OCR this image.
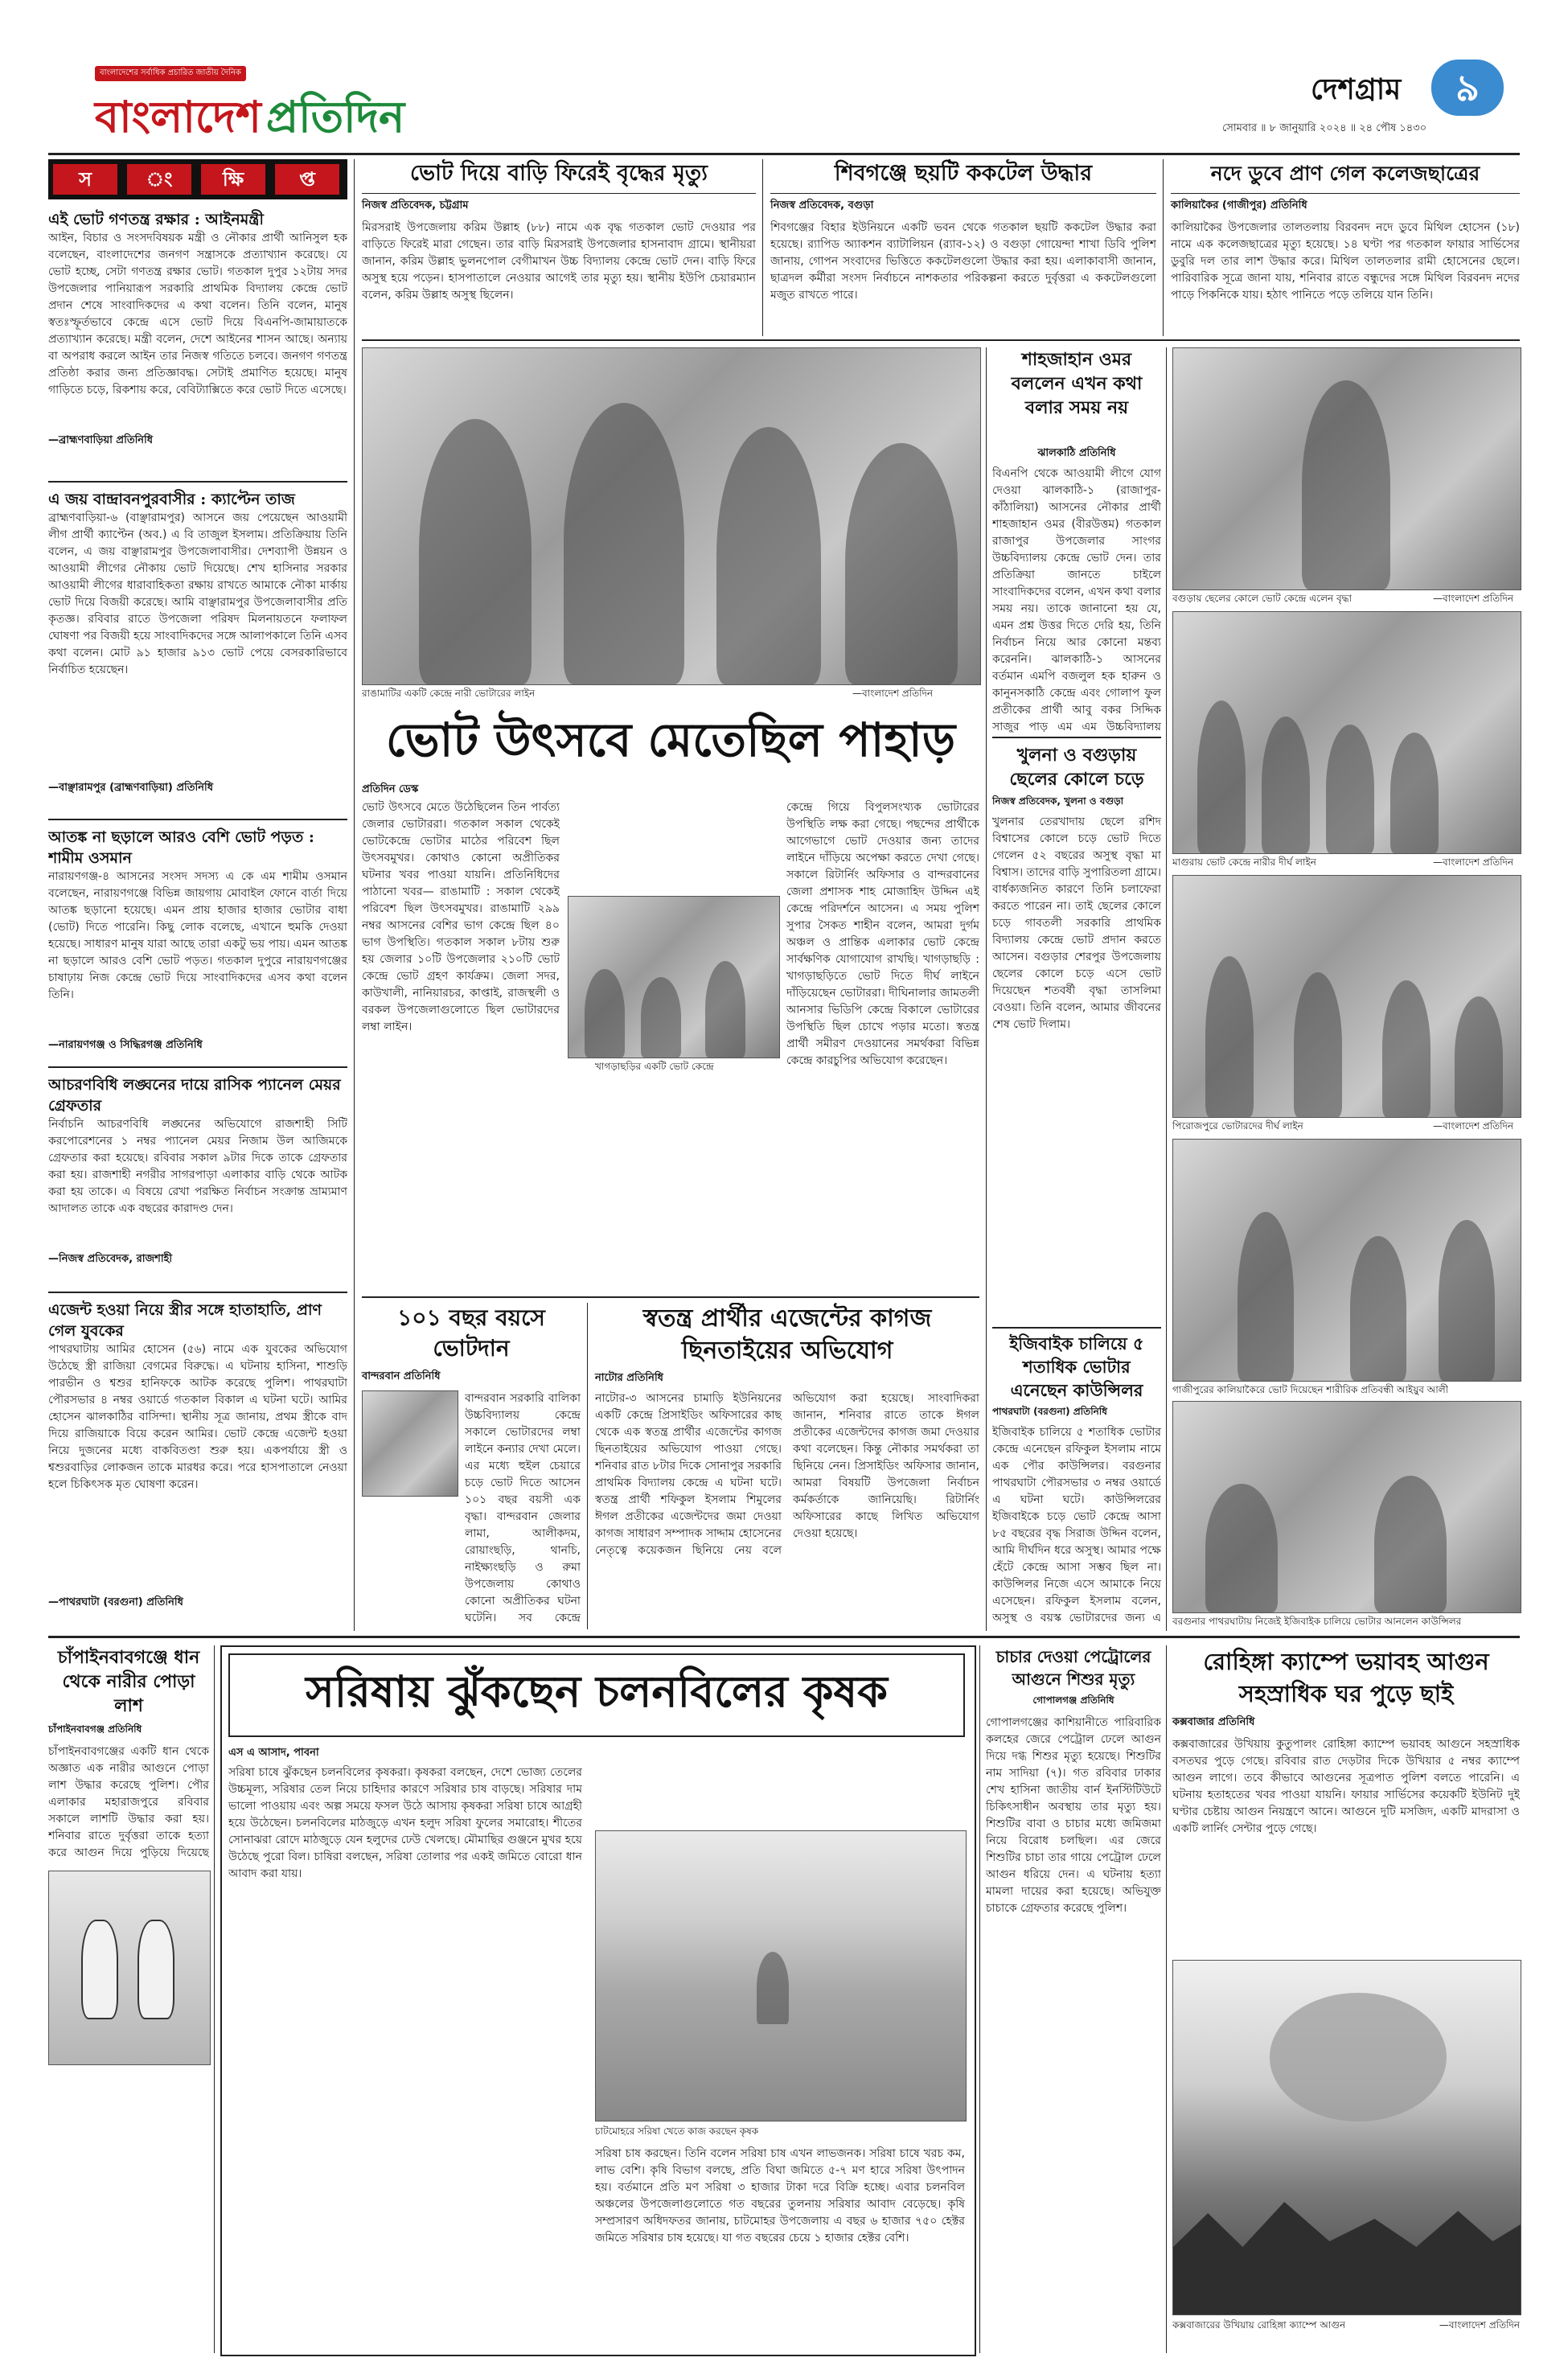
বাংলাদেশের সর্বাধিক প্রচারিত জাতীয় দৈনিক
বাংলাদেশ প্রতিদিন
দেশগ্রাম	৯
সোমবার ॥ ৮ জানুয়ারি ২০২৪ ॥ ২৪ পৌষ ১৪৩০
স	ং	ক্ষি	প্ত
এই ভোট গণতন্ত্র রক্ষার : আইনমন্ত্রী
আইন, বিচার ও সংসদবিষয়ক মন্ত্রী ও নৌকার প্রার্থী আনিসুল হক বলেছেন, বাংলাদেশের জনগণ সন্ত্রাসকে প্রত্যাখ্যান করেছে। যে ভোট হচ্ছে, সেটা গণতন্ত্র রক্ষার ভোট। গতকাল দুপুর ১২টায় সদর উপজেলার পানিয়ারূপ সরকারি প্রাথমিক বিদ্যালয় কেন্দ্রে ভোট প্রদান শেষে সাংবাদিকদের এ কথা বলেন। তিনি বলেন, মানুষ স্বতঃস্ফূর্তভাবে কেন্দ্রে এসে ভোট দিয়ে বিএনপি-জামায়াতকে প্রত্যাখ্যান করেছে। মন্ত্রী বলেন, দেশে আইনের শাসন আছে। অন্যায় বা অপরাধ করলে আইন তার নিজস্ব গতিতে চলবে। জনগণ গণতন্ত্র প্রতিষ্ঠা করার জন্য প্রতিজ্ঞাবদ্ধ। সেটাই প্রমাণিত হয়েছে। মানুষ গাড়িতে চড়ে, রিকশায় করে, বেবিট্যাক্সিতে করে ভোট দিতে এসেছে।
—ব্রাহ্মণবাড়িয়া প্রতিনিধি
এ জয় বান্দ্রাবনপুরবাসীর : ক্যাপ্টেন তাজ
ব্রাহ্মণবাড়িয়া-৬ (বাঞ্ছারামপুর) আসনে জয় পেয়েছেন আওয়ামী লীগ প্রার্থী ক্যাপ্টেন (অব.) এ বি তাজুল ইসলাম। প্রতিক্রিয়ায় তিনি বলেন, এ জয় বাঞ্ছারামপুর উপজেলাবাসীর। দেশব্যাপী উন্নয়ন ও আওয়ামী লীগের নৌকায় ভোট দিয়েছে। শেখ হাসিনার সরকার আওয়ামী লীগের ধারাবাহিকতা রক্ষায় রাখতে আমাকে নৌকা মার্কায় ভোট দিয়ে বিজয়ী করেছে। আমি বাঞ্ছারামপুর উপজেলাবাসীর প্রতি কৃতজ্ঞ। রবিবার রাতে উপজেলা পরিষদ মিলনায়তনে ফলাফল ঘোষণা পর বিজয়ী হয়ে সাংবাদিকদের সঙ্গে আলাপকালে তিনি এসব কথা বলেন। মোট ৯১ হাজার ৯১৩ ভোট পেয়ে বেসরকারিভাবে নির্বাচিত হয়েছেন।
—বাঞ্ছারামপুর (ব্রাহ্মণবাড়িয়া) প্রতিনিধি
আতঙ্ক না ছড়ালে আরও বেশি ভোট পড়ত : শামীম ওসমান
নারায়ণগঞ্জ-৪ আসনের সংসদ সদস্য এ কে এম শামীম ওসমান বলেছেন, নারায়ণগঞ্জে বিভিন্ন জায়গায় মোবাইল ফোনে বার্তা দিয়ে আতঙ্ক ছড়ানো হয়েছে। এমন প্রায় হাজার হাজার ভোটার বাধা (ভোট) দিতে পারেনি। কিছু লোক বলেছে, এখানে হুমকি দেওয়া হয়েছে। সাধারণ মানুষ যারা আছে তারা একটু ভয় পায়। এমন আতঙ্ক না ছড়ালে আরও বেশি ভোট পড়ত। গতকাল দুপুরে নারায়ণগঞ্জের চাষাঢ়ায় নিজ কেন্দ্রে ভোট দিয়ে সাংবাদিকদের এসব কথা বলেন তিনি।
—নারায়ণগঞ্জ ও সিদ্ধিরগঞ্জ প্রতিনিধি
আচরণবিধি লঙ্ঘনের দায়ে রাসিক প্যানেল মেয়র গ্রেফতার
নির্বাচনি আচরণবিধি লঙ্ঘনের অভিযোগে রাজশাহী সিটি করপোরেশনের ১ নম্বর প্যানেল মেয়র নিজাম উল আজিমকে গ্রেফতার করা হয়েছে। রবিবার সকাল ৯টার দিকে তাকে গ্রেফতার করা হয়। রাজশাহী নগরীর সাগরপাড়া এলাকার বাড়ি থেকে আটক করা হয় তাকে। এ বিষয়ে রেখা পরক্ষিত নির্বাচন সংক্রান্ত ভ্রাম্যমাণ আদালত তাকে এক বছরের কারাদণ্ড দেন।
—নিজস্ব প্রতিবেদক, রাজশাহী
এজেন্ট হওয়া নিয়ে স্ত্রীর সঙ্গে হাতাহাতি, প্রাণ গেল যুবকের
পাথরঘাটায় আমির হোসেন (৫৬) নামে এক যুবকের অভিযোগ উঠেছে স্ত্রী রাজিয়া বেগমের বিরুদ্ধে। এ ঘটনায় হাসিনা, শাশুড়ি পারভীন ও শ্বশুর হানিফকে আটক করেছে পুলিশ। পাথরঘাটা পৌরসভার ৪ নম্বর ওয়ার্ডে গতকাল বিকাল এ ঘটনা ঘটে। আমির হোসেন ঝালকাঠির বাসিন্দা। স্থানীয় সূত্র জানায়, প্রথম স্ত্রীকে বাদ দিয়ে রাজিয়াকে বিয়ে করেন আমির। ভোট কেন্দ্রে এজেন্ট হওয়া নিয়ে দুজনের মধ্যে বাকবিতণ্ডা শুরু হয়। একপর্যায়ে স্ত্রী ও শ্বশুরবাড়ির লোকজন তাকে মারধর করে। পরে হাসপাতালে নেওয়া হলে চিকিৎসক মৃত ঘোষণা করেন।
—পাথরঘাটা (বরগুনা) প্রতিনিধি
ভোট দিয়ে বাড়ি ফিরেই বৃদ্ধের মৃত্যু
নিজস্ব প্রতিবেদক, চট্টগ্রাম
মিরসরাই উপজেলায় করিম উল্লাহ (৮৮) নামে এক বৃদ্ধ গতকাল ভোট দেওয়ার পর বাড়িতে ফিরেই মারা গেছেন। তার বাড়ি মিরসরাই উপজেলার হাসনাবাদ গ্রামে। স্থানীয়রা জানান, করিম উল্লাহ ভুলনপোল বেগীমাখন উচ্চ বিদ্যালয় কেন্দ্রে ভোট দেন। বাড়ি ফিরে অসুস্থ হয়ে পড়েন। হাসপাতালে নেওয়ার আগেই তার মৃত্যু হয়। স্থানীয় ইউপি চেয়ারম্যান বলেন, করিম উল্লাহ অসুস্থ ছিলেন।
শিবগঞ্জে ছয়টি ককটেল উদ্ধার
নিজস্ব প্রতিবেদক, বগুড়া
শিবগঞ্জের বিহার ইউনিয়নে একটি ভবন থেকে গতকাল ছয়টি ককটেল উদ্ধার করা হয়েছে। র‌্যাপিড অ্যাকশন ব্যাটালিয়ন (র‌্যাব-১২) ও বগুড়া গোয়েন্দা শাখা ডিবি পুলিশ জানায়, গোপন সংবাদের ভিত্তিতে ককটেলগুলো উদ্ধার করা হয়। এলাকাবাসী জানান, ছাত্রদল কর্মীরা সংসদ নির্বাচনে নাশকতার পরিকল্পনা করতে দুর্বৃত্তরা এ ককটেলগুলো মজুত রাখতে পারে।
নদে ডুবে প্রাণ গেল কলেজছাত্রের
কালিয়াকৈর (গাজীপুর) প্রতিনিধি
কালিয়াকৈর উপজেলার তালতলায় বিরবনদ নদে ডুবে মিথিল হোসেন (১৮) নামে এক কলেজছাত্রের মৃত্যু হয়েছে। ১৪ ঘণ্টা পর গতকাল ফায়ার সার্ভিসের ডুবুরি দল তার লাশ উদ্ধার করে। মিথিল তালতলার রামী হোসেনের ছেলে। পারিবারিক সূত্রে জানা যায়, শনিবার রাতে বন্ধুদের সঙ্গে মিথিল বিরবনদ নদের পাড়ে পিকনিকে যায়। হঠাৎ পানিতে পড়ে তলিয়ে যান তিনি।
রাঙামাটির একটি কেন্দ্রে নারী ভোটারের লাইন	—বাংলাদেশ প্রতিদিন
ভোট উৎসবে মেতেছিল পাহাড়
প্রতিদিন ডেস্ক
ভোট উৎসবে মেতে উঠেছিলেন তিন পার্বত্য জেলার ভোটাররা। গতকাল সকাল থেকেই ভোটকেন্দ্রে ভোটার মাঠের পরিবেশ ছিল উৎসবমুখর। কোথাও কোনো অপ্রীতিকর ঘটনার খবর পাওয়া যায়নি। প্রতিনিধিদের পাঠানো খবর— রাঙামাটি : সকাল থেকেই পরিবেশ ছিল উৎসবমুখর। রাঙামাটি ২৯৯ নম্বর আসনের বেশির ভাগ কেন্দ্রে ছিল ৪০ ভাগ উপস্থিতি। গতকাল সকাল ৮টায় শুরু হয় জেলার ১০টি উপজেলার ২১০টি ভোট কেন্দ্রে ভোট গ্রহণ কার্যক্রম। জেলা সদর, কাউখালী, নানিয়ারচর, কাপ্তাই, রাজস্থলী ও বরকল উপজেলাগুলোতে ছিল ভোটারদের লম্বা লাইন।
খাগড়াছড়ির একটি ভোট কেন্দ্রে
কেন্দ্রে গিয়ে বিপুলসংখ্যক ভোটারের উপস্থিতি লক্ষ করা গেছে। পছন্দের প্রার্থীকে আগেভাগে ভোট দেওয়ার জন্য তাদের লাইনে দাঁড়িয়ে অপেক্ষা করতে দেখা গেছে। সকালে রিটার্নিং অফিসার ও বান্দরবানের জেলা প্রশাসক শাহ মোজাহিদ উদ্দিন এই কেন্দ্রে পরিদর্শনে আসেন। এ সময় পুলিশ সুপার সৈকত শাহীন বলেন, আমরা দুর্গম অঞ্চল ও প্রান্তিক এলাকার ভোট কেন্দ্রে সার্বক্ষণিক যোগাযোগ রাখছি। খাগড়াছড়ি : খাগড়াছড়িতে ভোট দিতে দীর্ঘ লাইনে দাঁড়িয়েছেন ভোটাররা। দীঘিনালার জামতলী আনসার ভিডিপি কেন্দ্রে বিকালে ভোটারের উপস্থিতি ছিল চোখে পড়ার মতো। স্বতন্ত্র প্রার্থী সমীরণ দেওয়ানের সমর্থকরা বিভিন্ন কেন্দ্রে কারচুপির অভিযোগ করেছেন।
১০১ বছর বয়সে ভোটদান
বান্দরবান প্রতিনিধি
বান্দরবান সরকারি বালিকা উচ্চবিদ্যালয় কেন্দ্রে সকালে ভোটারদের লম্বা লাইনে কন্যার দেখা মেলে। এর মধ্যে হুইল চেয়ারে চড়ে ভোট দিতে আসেন ১০১ বছর বয়সী এক বৃদ্ধা। বান্দরবান জেলার লামা, আলীকদম, রোয়াংছড়ি, থানচি, নাইক্ষ্যংছড়ি ও রুমা উপজেলায় কোথাও কোনো অপ্রীতিকর ঘটনা ঘটেনি। সব কেন্দ্রে
স্বতন্ত্র প্রার্থীর এজেন্টের কাগজ ছিনতাইয়ের অভিযোগ
নাটোর প্রতিনিধি
নাটোর-৩ আসনের চামাড়ি ইউনিয়নের একটি কেন্দ্রে প্রিসাইডিং অফিসারের কাছ থেকে এক স্বতন্ত্র প্রার্থীর এজেন্টের কাগজ ছিনতাইয়ের অভিযোগ পাওয়া গেছে। শনিবার রাত ৮টার দিকে সোনাপুর সরকারি প্রাথমিক বিদ্যালয় কেন্দ্রে এ ঘটনা ঘটে। স্বতন্ত্র প্রার্থী শফিকুল ইসলাম শিমুলের ঈগল প্রতীকের এজেন্টদের জমা দেওয়া কাগজ সাধারণ সম্পাদক সাদ্দাম হোসেনের নেতৃত্বে কয়েকজন ছিনিয়ে নেয় বলে অভিযোগ করা হয়েছে। সাংবাদিকরা জানান, শনিবার রাতে তাকে ঈগল প্রতীকের এজেন্টদের কাগজ জমা দেওয়ার কথা বলেছেন। কিন্তু নৌকার সমর্থকরা তা ছিনিয়ে নেন। প্রিসাইডিং অফিসার জানান, আমরা বিষয়টি উপজেলা নির্বাচন কর্মকর্তাকে জানিয়েছি। রিটার্নিং অফিসারের কাছে লিখিত অভিযোগ দেওয়া হয়েছে।
শাহজাহান ওমর বললেন এখন কথা বলার সময় নয়
ঝালকাঠি প্রতিনিধি
বিএনপি থেকে আওয়ামী লীগে যোগ দেওয়া ঝালকাঠি-১ (রাজাপুর-কাঁঠালিয়া) আসনের নৌকার প্রার্থী শাহজাহান ওমর (বীরউত্তম) গতকাল রাজাপুর উপজেলার সাংগর উচ্চবিদ্যালয় কেন্দ্রে ভোট দেন। তার প্রতিক্রিয়া জানতে চাইলে সাংবাদিকদের বলেন, এখন কথা বলার সময় নয়। তাকে জানানো হয় যে, এমন প্রশ্ন উত্তর দিতে দেরি হয়, তিনি নির্বাচন নিয়ে আর কোনো মন্তব্য করেননি। ঝালকাঠি-১ আসনের বর্তমান এমপি বজলুল হক হারুন ও কানুনসকাঠি কেন্দ্রে এবং গোলাপ ফুল প্রতীকের প্রার্থী আবু বকর সিদ্দিক সাজুর পাড় এম এম উচ্চবিদ্যালয়
খুলনা ও বগুড়ায় ছেলের কোলে চড়ে
নিজস্ব প্রতিবেদক, খুলনা ও বগুড়া
খুলনার তেরখাদায় ছেলে রশিদ বিশ্বাসের কোলে চড়ে ভোট দিতে গেলেন ৫২ বছরের অসুস্থ বৃদ্ধা মা বিশ্বাস। তাদের বাড়ি সুপারিতলা গ্রামে। বার্ধক্যজনিত কারণে তিনি চলাফেরা করতে পারেন না। তাই ছেলের কোলে চড়ে গাবতলী সরকারি প্রাথমিক বিদ্যালয় কেন্দ্রে ভোট প্রদান করতে আসেন। বগুড়ার শেরপুর উপজেলায় ছেলের কোলে চড়ে এসে ভোট দিয়েছেন শতবর্ষী বৃদ্ধা তাসলিমা বেওয়া। তিনি বলেন, আমার জীবনের শেষ ভোট দিলাম।
ইজিবাইক চালিয়ে ৫ শতাধিক ভোটার এনেছেন কাউন্সিলর
পাথরঘাটা (বরগুনা) প্রতিনিধি
ইজিবাইক চালিয়ে ৫ শতাধিক ভোটার কেন্দ্রে এনেছেন রফিকুল ইসলাম নামে এক পৌর কাউন্সিলর। বরগুনার পাথরঘাটা পৌরসভার ৩ নম্বর ওয়ার্ডে এ ঘটনা ঘটে। কাউন্সিলরের ইজিবাইকে চড়ে ভোট কেন্দ্রে আসা ৮৫ বছরের বৃদ্ধ সিরাজ উদ্দিন বলেন, আমি দীর্ঘদিন ধরে অসুস্থ। আমার পক্ষে হেঁটে কেন্দ্রে আসা সম্ভব ছিল না। কাউন্সিলর নিজে এসে আমাকে নিয়ে এসেছেন। রফিকুল ইসলাম বলেন, অসুস্থ ও বয়স্ক ভোটারদের জন্য এ
বগুড়ায় ছেলের কোলে ভোট কেন্দ্রে এলেন বৃদ্ধা	—বাংলাদেশ প্রতিদিন
মাগুরায় ভোট কেন্দ্রে নারীর দীর্ঘ লাইন	—বাংলাদেশ প্রতিদিন
পিরোজপুরে ভোটারদের দীর্ঘ লাইন	—বাংলাদেশ প্রতিদিন
গাজীপুরের কালিয়াকৈরে ভোট দিয়েছেন শারীরিক প্রতিবন্ধী আইয়ুব আলী
বরগুনার পাথরঘাটায় নিজেই ইজিবাইক চালিয়ে ভোটার আনলেন কাউন্সিলর
চাঁপাইনবাবগঞ্জে ধান থেকে নারীর পোড়া লাশ
চাঁপাইনবাবগঞ্জ প্রতিনিধি
চাঁপাইনবাবগঞ্জের একটি ধান থেকে অজ্ঞাত এক নারীর আগুনে পোড়া লাশ উদ্ধার করেছে পুলিশ। পৌর এলাকার মহারাজপুরে রবিবার সকালে লাশটি উদ্ধার করা হয়। শনিবার রাতে দুর্বৃত্তরা তাকে হত্যা করে আগুন দিয়ে পুড়িয়ে দিয়েছে
সরিষায় ঝুঁকছেন চলনবিলের কৃষক
এস এ আসাদ, পাবনা
সরিষা চাষে ঝুঁকছেন চলনবিলের কৃষকরা। কৃষকরা বলছেন, দেশে ভোজ্য তেলের উচ্চমূল্য, সরিষার তেল নিয়ে চাহিদার কারণে সরিষার চাষ বাড়ছে। সরিষার দাম ভালো পাওয়ায় এবং অল্প সময়ে ফসল উঠে আসায় কৃষকরা সরিষা চাষে আগ্রহী হয়ে উঠেছেন। চলনবিলের মাঠজুড়ে এখন হলুদ সরিষা ফুলের সমারোহ। শীতের সোনাঝরা রোদে মাঠজুড়ে যেন হলুদের ঢেউ খেলছে। মৌমাছির গুঞ্জনে মুখর হয়ে উঠেছে পুরো বিল। চাষিরা বলছেন, সরিষা তোলার পর একই জমিতে বোরো ধান আবাদ করা যায়।
চাটমোহরে সরিষা খেতে কাজ করছেন কৃষক
সরিষা চাষ করছেন। তিনি বলেন সরিষা চাষ এখন লাভজনক। সরিষা চাষে খরচ কম, লাভ বেশি। কৃষি বিভাগ বলছে, প্রতি বিঘা জমিতে ৫-৭ মণ হারে সরিষা উৎপাদন হয়। বর্তমানে প্রতি মণ সরিষা ৩ হাজার টাকা দরে বিক্রি হচ্ছে। এবার চলনবিল অঞ্চলের উপজেলাগুলোতে গত বছরের তুলনায় সরিষার আবাদ বেড়েছে। কৃষি সম্প্রসারণ অধিদফতর জানায়, চাটমোহর উপজেলায় এ বছর ৬ হাজার ৭৫০ হেক্টর জমিতে সরিষার চাষ হয়েছে। যা গত বছরের চেয়ে ১ হাজার হেক্টর বেশি।
চাচার দেওয়া পেট্রোলের আগুনে শিশুর মৃত্যু
গোপালগঞ্জ প্রতিনিধি
গোপালগঞ্জের কাশিয়ানীতে পারিবারিক কলহের জেরে পেট্রোল ঢেলে আগুন দিয়ে দগ্ধ শিশুর মৃত্যু হয়েছে। শিশুটির নাম সাদিয়া (৭)। গত রবিবার ঢাকার শেখ হাসিনা জাতীয় বার্ন ইনস্টিটিউটে চিকিৎসাধীন অবস্থায় তার মৃত্যু হয়। শিশুটির বাবা ও চাচার মধ্যে জমিজমা নিয়ে বিরোধ চলছিল। এর জেরে শিশুটির চাচা তার গায়ে পেট্রোল ঢেলে আগুন ধরিয়ে দেন। এ ঘটনায় হত্যা মামলা দায়ের করা হয়েছে। অভিযুক্ত চাচাকে গ্রেফতার করেছে পুলিশ।
রোহিঙ্গা ক্যাম্পে ভয়াবহ আগুন সহস্রাধিক ঘর পুড়ে ছাই
কক্সবাজার প্রতিনিধি
কক্সবাজারের উখিয়ায় কুতুপালং রোহিঙ্গা ক্যাম্পে ভয়াবহ আগুনে সহস্রাধিক বসতঘর পুড়ে গেছে। রবিবার রাত দেড়টার দিকে উখিয়ার ৫ নম্বর ক্যাম্পে আগুন লাগে। তবে কীভাবে আগুনের সূত্রপাত পুলিশ বলতে পারেনি। এ ঘটনায় হতাহতের খবর পাওয়া যায়নি। ফায়ার সার্ভিসের কয়েকটি ইউনিট দুই ঘণ্টার চেষ্টায় আগুন নিয়ন্ত্রণে আনে। আগুনে দুটি মসজিদ, একটি মাদরাসা ও একটি লার্নিং সেন্টার পুড়ে গেছে।
কক্সবাজারের উখিয়ায় রোহিঙ্গা ক্যাম্পে আগুন	—বাংলাদেশ প্রতিদিন
